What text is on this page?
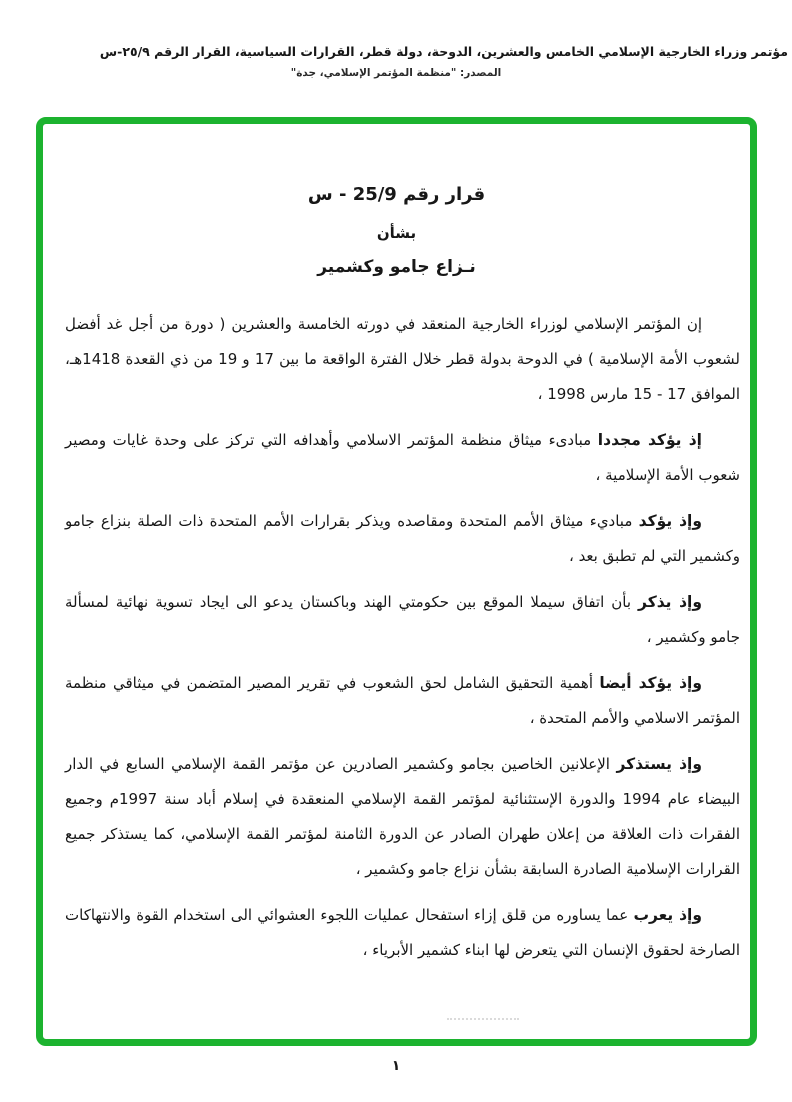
مؤتمر وزراء الخارجية الإسلامي الخامس والعشرين، الدوحة، دولة قطر، القرارات السياسية، القرار الرقم ٢٥/٩-س
المصدر: "منظمة المؤتمر الإسلامي، جدة"
قرار رقم 25/9 - س
بشأن
نـزاع جامو وكشمير

إن المؤتمر الإسلامي لوزراء الخارجية المنعقد في دورته الخامسة والعشرين ( دورة من أجل غد أفضل لشعوب الأمة الإسلامية ) في الدوحة بدولة قطر خلال الفترة الواقعة ما بين 17 و 19 من ذي القعدة 1418هـ، الموافق ‎15 - 17‎ مارس 1998 ،

إذ يؤكد مجددا مبادىء ميثاق منظمة المؤتمر الاسلامي وأهدافه التي تركز على وحدة غايات ومصير شعوب الأمة الإسلامية ،

وإذ يؤكد مباديء ميثاق الأمم المتحدة ومقاصده ويذكر بقرارات الأمم المتحدة ذات الصلة بنزاع جامو وكشمير التي لم تطبق بعد ،

وإذ يذكر بأن اتفاق سيملا الموقع بين حكومتي الهند وباكستان يدعو الى ايجاد تسوية نهائية لمسألة جامو وكشمير ،

وإذ يؤكد أيضا أهمية التحقيق الشامل لحق الشعوب في تقرير المصير المتضمن في ميثاقي منظمة المؤتمر الاسلامي والأمم المتحدة ،

وإذ يستذكر الإعلانين الخاصين بجامو وكشمير الصادرين عن مؤتمر القمة الإسلامي السابع في الدار البيضاء عام 1994 والدورة الإستثنائية لمؤتمر القمة الإسلامي المنعقدة في إسلام أباد سنة 1997م وجميع الفقرات ذات العلاقة من إعلان طهران الصادر عن الدورة الثامنة لمؤتمر القمة الإسلامي، كما يستذكر جميع القرارات الإسلامية الصادرة السابقة بشأن نزاع جامو وكشمير ،

وإذ يعرب عما يساوره من قلق إزاء استفحال عمليات اللجوء العشوائي الى استخدام القوة والانتهاكات الصارخة لحقوق الإنسان التي يتعرض لها ابناء كشمير الأبرياء ،

١
